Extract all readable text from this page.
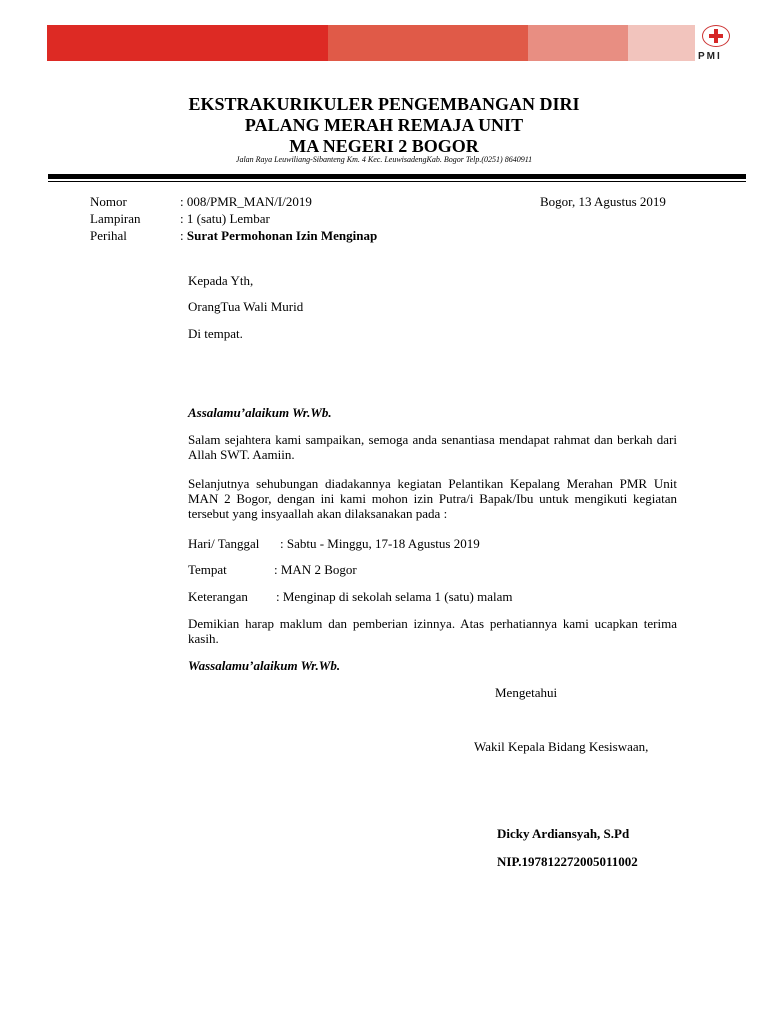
PMI
EKSTRAKURIKULER PENGEMBANGAN DIRI
PALANG MERAH REMAJA UNIT
MA NEGERI 2 BOGOR
Jalan Raya Leuwiliang-Sibanteng Km. 4 Kec. LeuwisadengKab. Bogor Telp.(0251) 8640911
Nomor	: 008/PMR_MAN/I/2019	Bogor, 13 Agustus 2019
Lampiran	: 1 (satu) Lembar
Perihal	: Surat Permohonan Izin Menginap
Kepada Yth,
OrangTua Wali Murid
Di tempat.
Assalamu’alaikum Wr.Wb.
Salam sejahtera kami sampaikan, semoga anda senantiasa mendapat rahmat dan berkah dari Allah SWT. Aamiin.
Selanjutnya sehubungan diadakannya kegiatan Pelantikan Kepalang Merahan PMR Unit MAN 2 Bogor, dengan ini kami mohon izin Putra/i Bapak/Ibu untuk mengikuti kegiatan tersebut yang insyaallah akan dilaksanakan pada :
Hari/ Tanggal : Sabtu - Minggu, 17-18 Agustus 2019
Tempat	: MAN 2 Bogor
Keterangan : Menginap di sekolah selama 1 (satu) malam
Demikian harap maklum dan pemberian izinnya. Atas perhatiannya kami ucapkan terima kasih.
Wassalamu’alaikum Wr.Wb.
Mengetahui
Wakil Kepala Bidang Kesiswaan,
Dicky Ardiansyah, S.Pd
NIP.197812272005011002
